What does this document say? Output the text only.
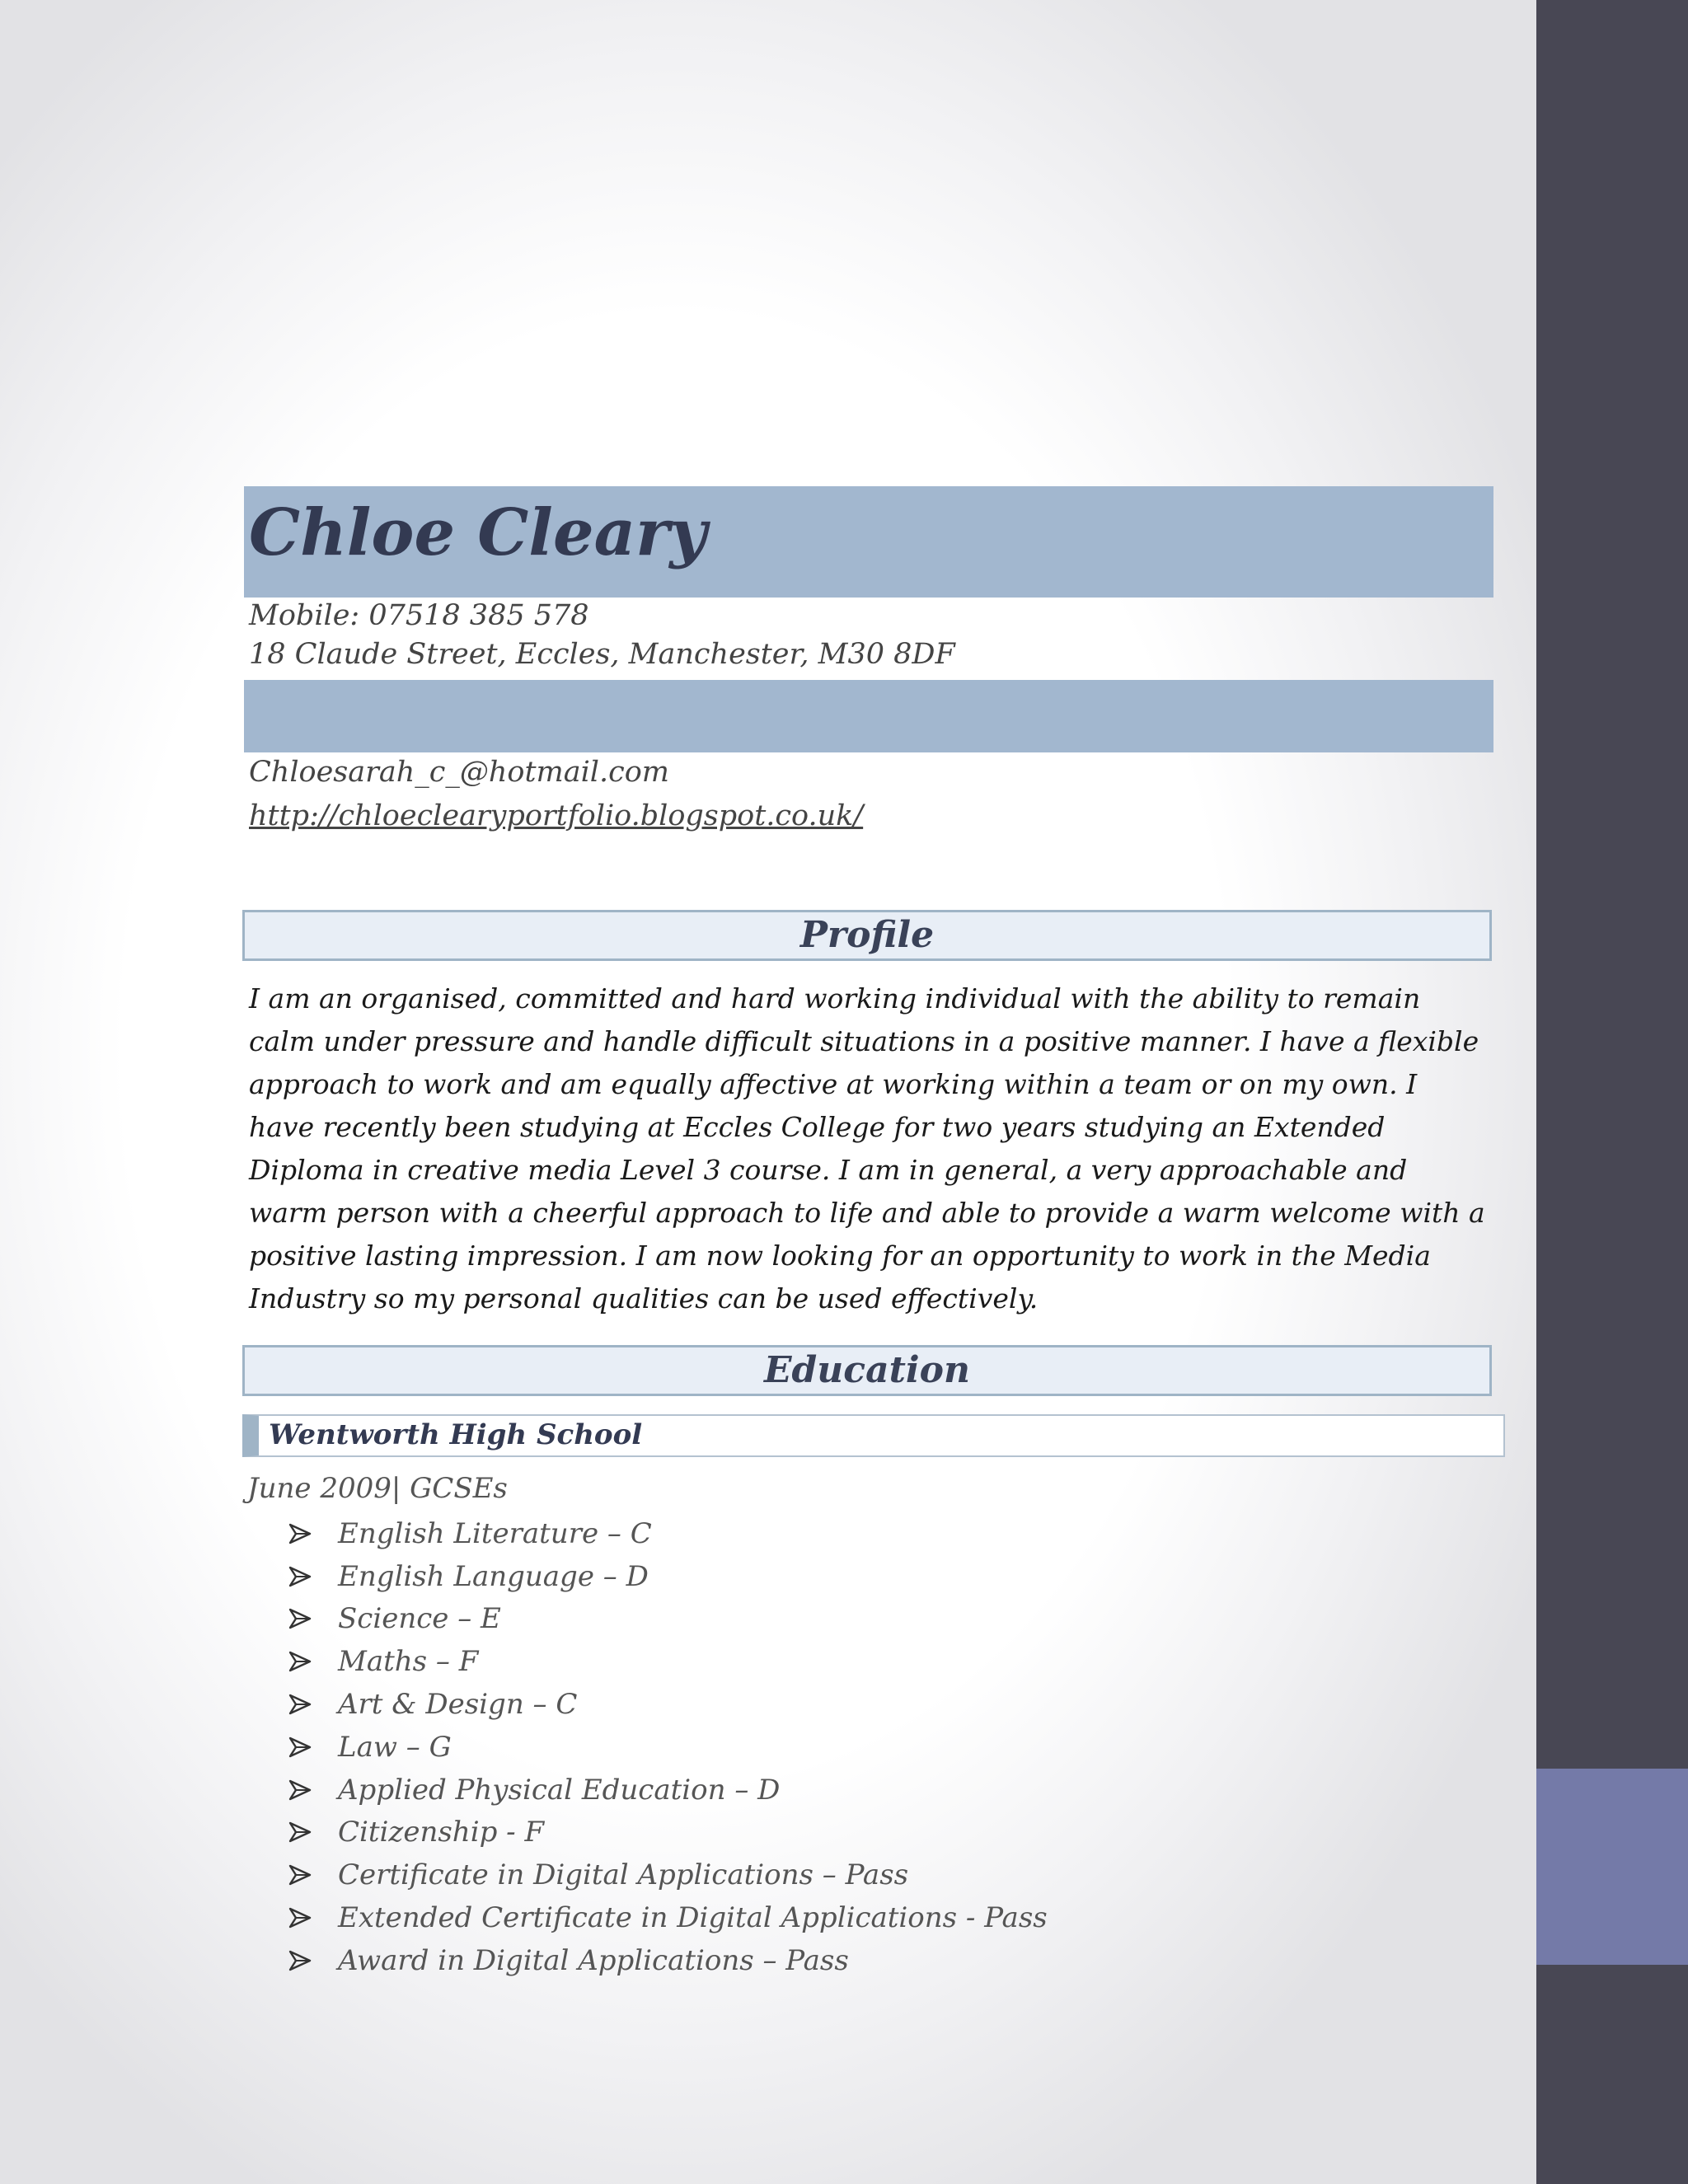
Chloe Cleary
Mobile: 07518 385 578
18 Claude Street, Eccles, Manchester, M30 8DF
Chloesarah_c_@hotmail.com
http://chloeclearyportfolio.blogspot.co.uk/
Profile

I am an organised, committed and hard working individual with the ability to remain calm under pressure and handle difficult situations in a positive manner. I have a flexible approach to work and am equally affective at working within a team or on my own. I have recently been studying at Eccles College for two years studying an Extended Diploma in creative media Level 3 course. I am in general, a very approachable and warm person with a cheerful approach to life and able to provide a warm welcome with a positive lasting impression. I am now looking for an opportunity to work in the Media Industry so my personal qualities can be used effectively.

Education
Wentworth High School
June 2009| GCSEs
English Literature – C
English Language – D
Science – E
Maths – F
Art & Design – C
Law – G
Applied Physical Education – D
Citizenship - F
Certificate in Digital Applications – Pass
Extended Certificate in Digital Applications - Pass
Award in Digital Applications – Pass
